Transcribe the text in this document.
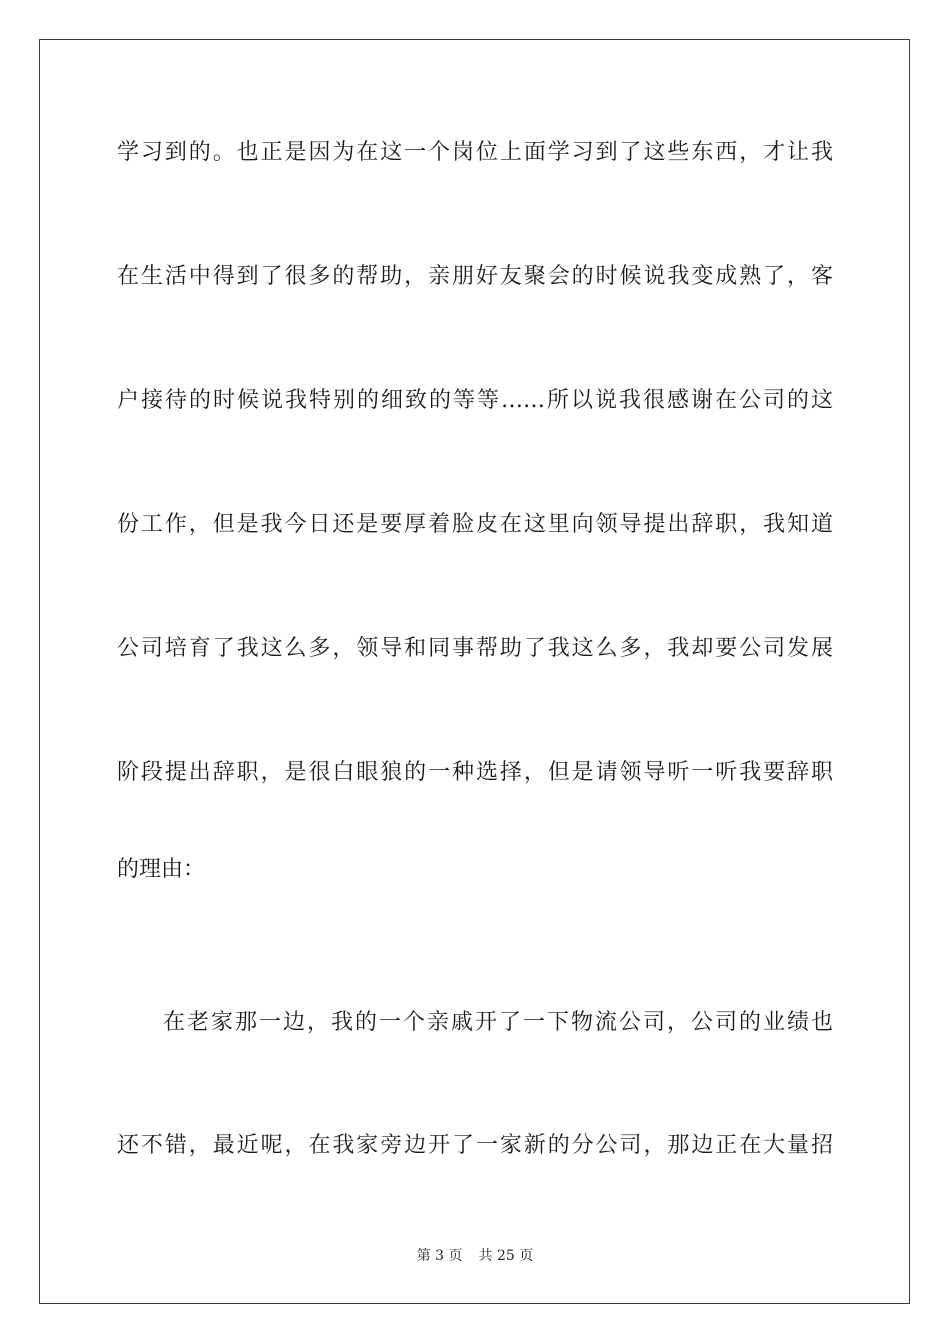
学习到的。也正是因为在这一个岗位上面学习到了这些东西，才让我
在生活中得到了很多的帮助，亲朋好友聚会的时候说我变成熟了，客
户接待的时候说我特别的细致的等等……所以说我很感谢在公司的这
份工作，但是我今日还是要厚着脸皮在这里向领导提出辞职，我知道
公司培育了我这么多，领导和同事帮助了我这么多，我却要公司发展
阶段提出辞职，是很白眼狼的一种选择，但是请领导听一听我要辞职
的理由：
在老家那一边，我的一个亲戚开了一下物流公司，公司的业绩也
还不错，最近呢，在我家旁边开了一家新的分公司，那边正在大量招
第 3 页 共 25 页
